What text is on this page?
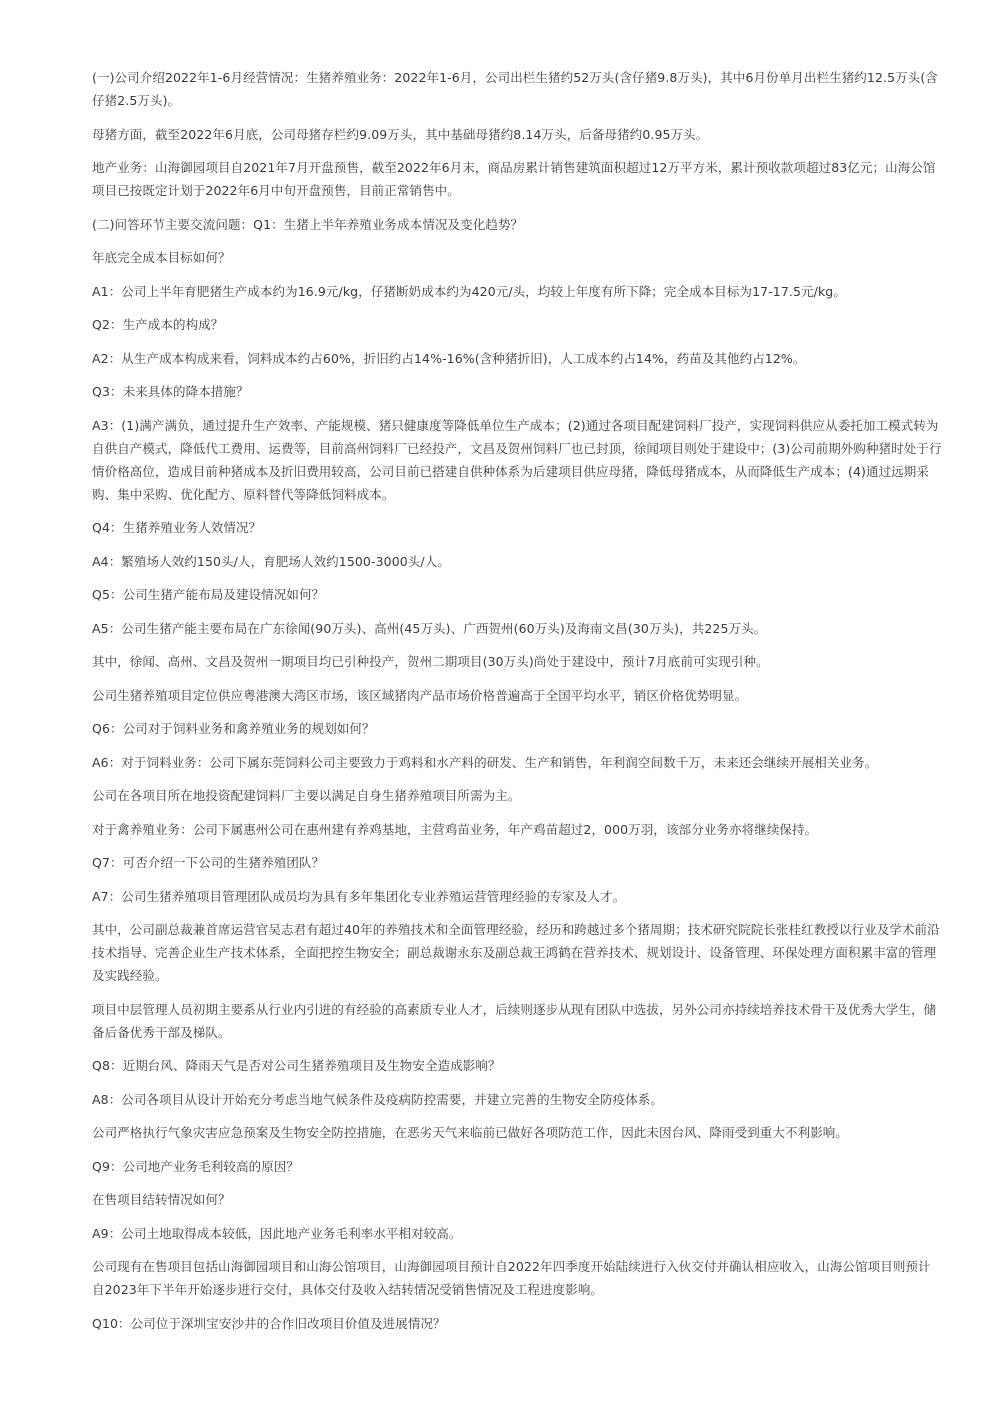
(一)公司介绍2022年1-6月经营情况：生猪养殖业务：2022年1-6月，公司出栏生猪约52万头(含仔猪9.8万头)，其中6月份单月出栏生猪约12.5万头(含仔猪2.5万头)。

母猪方面，截至2022年6月底，公司母猪存栏约9.09万头，其中基础母猪约8.14万头，后备母猪约0.95万头。

地产业务：山海御园项目自2021年7月开盘预售，截至2022年6月末，商品房累计销售建筑面积超过12万平方米，累计预收款项超过83亿元；山海公馆项目已按既定计划于2022年6月中旬开盘预售，目前正常销售中。

(二)问答环节主要交流问题：Q1：生猪上半年养殖业务成本情况及变化趋势？

年底完全成本目标如何？

A1：公司上半年育肥猪生产成本约为16.9元/kg，仔猪断奶成本约为420元/头，均较上年度有所下降；完全成本目标为17-17.5元/kg。

Q2：生产成本的构成？

A2：从生产成本构成来看，饲料成本约占60%，折旧约占14%-16%(含种猪折旧)，人工成本约占14%，药苗及其他约占12%。

Q3：未来具体的降本措施？

A3：(1)满产满负，通过提升生产效率、产能规模、猪只健康度等降低单位生产成本；(2)通过各项目配建饲料厂投产，实现饲料供应从委托加工模式转为自供自产模式，降低代工费用、运费等，目前高州饲料厂已经投产，文昌及贺州饲料厂也已封顶，徐闻项目则处于建设中；(3)公司前期外购种猪时处于行情价格高位，造成目前种猪成本及折旧费用较高，公司目前已搭建自供种体系为后建项目供应母猪，降低母猪成本，从而降低生产成本；(4)通过远期采购、集中采购、优化配方、原料替代等降低饲料成本。

Q4：生猪养殖业务人效情况？

A4：繁殖场人效约150头/人，育肥场人效约1500-3000头/人。

Q5：公司生猪产能布局及建设情况如何？

A5：公司生猪产能主要布局在广东徐闻(90万头)、高州(45万头)、广西贺州(60万头)及海南文昌(30万头)，共225万头。

其中，徐闻、高州、文昌及贺州一期项目均已引种投产，贺州二期项目(30万头)尚处于建设中，预计7月底前可实现引种。

公司生猪养殖项目定位供应粤港澳大湾区市场，该区域猪肉产品市场价格普遍高于全国平均水平，销区价格优势明显。

Q6：公司对于饲料业务和禽养殖业务的规划如何？

A6：对于饲料业务：公司下属东莞饲料公司主要致力于鸡料和水产料的研发、生产和销售，年利润空间数千万，未来还会继续开展相关业务。

公司在各项目所在地投资配建饲料厂主要以满足自身生猪养殖项目所需为主。

对于禽养殖业务：公司下属惠州公司在惠州建有养鸡基地，主营鸡苗业务，年产鸡苗超过2，000万羽，该部分业务亦将继续保持。

Q7：可否介绍一下公司的生猪养殖团队？

A7：公司生猪养殖项目管理团队成员均为具有多年集团化专业养殖运营管理经验的专家及人才。

其中，公司副总裁兼首席运营官吴志君有超过40年的养殖技术和全面管理经验，经历和跨越过多个猪周期；技术研究院院长张桂红教授以行业及学术前沿技术指导、完善企业生产技术体系，全面把控生物安全；副总裁谢永东及副总裁王鸿鹤在营养技术、规划设计、设备管理、环保处理方面积累丰富的管理及实践经验。

项目中层管理人员初期主要系从行业内引进的有经验的高素质专业人才，后续则逐步从现有团队中选拔，另外公司亦持续培养技术骨干及优秀大学生，储备后备优秀干部及梯队。

Q8：近期台风、降雨天气是否对公司生猪养殖项目及生物安全造成影响？

A8：公司各项目从设计开始充分考虑当地气候条件及疫病防控需要，并建立完善的生物安全防疫体系。

公司严格执行气象灾害应急预案及生物安全防控措施，在恶劣天气来临前已做好各项防范工作，因此未因台风、降雨受到重大不利影响。

Q9：公司地产业务毛利较高的原因？

在售项目结转情况如何？

A9：公司土地取得成本较低，因此地产业务毛利率水平相对较高。

公司现有在售项目包括山海御园项目和山海公馆项目，山海御园项目预计自2022年四季度开始陆续进行入伙交付并确认相应收入，山海公馆项目则预计自2023年下半年开始逐步进行交付，具体交付及收入结转情况受销售情况及工程进度影响。

Q10：公司位于深圳宝安沙井的合作旧改项目价值及进展情况？
